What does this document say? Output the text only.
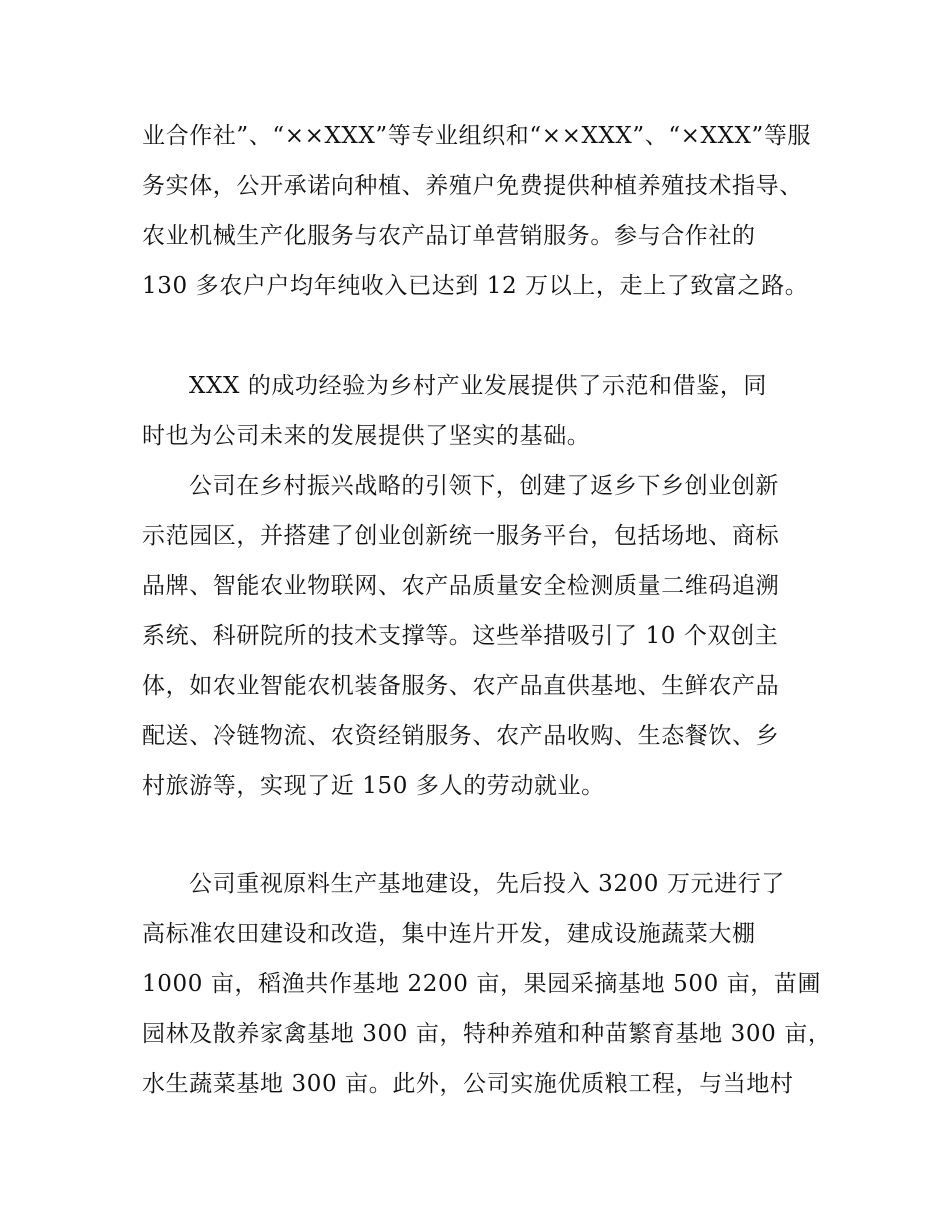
业合作社”、“××XXX”等专业组织和“××XXX”、“×XXX”等服
务实体，公开承诺向种植、养殖户免费提供种植养殖技术指导、
农业机械生产化服务与农产品订单营销服务。参与合作社的
130 多农户户均年纯收入已达到 12 万以上，走上了致富之路。
XXX 的成功经验为乡村产业发展提供了示范和借鉴，同
时也为公司未来的发展提供了坚实的基础。
公司在乡村振兴战略的引领下，创建了返乡下乡创业创新
示范园区，并搭建了创业创新统一服务平台，包括场地、商标
品牌、智能农业物联网、农产品质量安全检测质量二维码追溯
系统、科研院所的技术支撑等。这些举措吸引了 10 个双创主
体，如农业智能农机装备服务、农产品直供基地、生鲜农产品
配送、冷链物流、农资经销服务、农产品收购、生态餐饮、乡
村旅游等，实现了近 150 多人的劳动就业。
公司重视原料生产基地建设，先后投入 3200 万元进行了
高标准农田建设和改造，集中连片开发，建成设施蔬菜大棚
1000 亩，稻渔共作基地 2200 亩，果园采摘基地 500 亩，苗圃
园林及散养家禽基地 300 亩，特种养殖和种苗繁育基地 300 亩，
水生蔬菜基地 300 亩。此外，公司实施优质粮工程，与当地村
